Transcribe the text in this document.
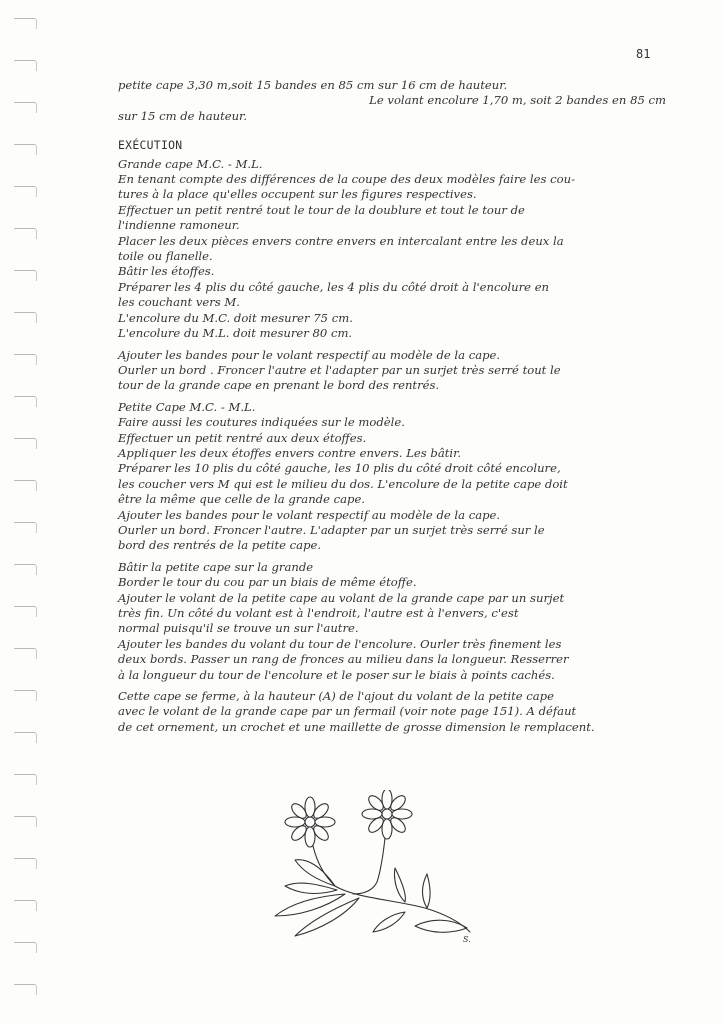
81
petite cape 3,30 m,soit 15 bandes en 85 cm sur 16 cm de hauteur.
Le volant encolure 1,70 m, soit 2 bandes en 85 cm
sur 15 cm de hauteur.
EXÉCUTION
Grande cape M.C. - M.L.
En tenant compte des différences de la coupe des deux modèles faire les cou-
tures à la place qu'elles occupent sur les figures respectives.
Effectuer un petit rentré tout le tour de la doublure et tout le tour de
l'indienne ramoneur.
Placer les deux pièces envers contre envers en intercalant entre les deux la
toile ou flanelle.
Bâtir les étoffes.
Préparer les 4 plis du côté gauche, les 4 plis du côté droit à l'encolure en
les couchant vers M.
L'encolure du M.C. doit mesurer 75 cm.
L'encolure du M.L. doit mesurer 80 cm.
Ajouter les bandes pour le volant respectif au modèle de la cape.
Ourler un bord . Froncer l'autre et l'adapter par un surjet très serré tout le
tour de la grande cape en prenant le bord des rentrés.
Petite Cape M.C. - M.L.
Faire aussi les coutures indiquées sur le modèle.
Effectuer un petit rentré aux deux étoffes.
Appliquer les deux étoffes envers contre envers. Les bâtir.
Préparer les 10 plis du côté gauche, les 10 plis du côté droit côté encolure,
les coucher vers M qui est le milieu du dos. L'encolure de la petite cape doit
être la même que celle de la grande cape.
Ajouter les bandes pour le volant respectif au modèle de la cape.
Ourler un bord. Froncer l'autre. L'adapter par un surjet très serré sur le
bord des rentrés de la petite cape.
Bâtir la petite cape sur la grande
Border le tour du cou par un biais de même étoffe.
Ajouter le volant de la petite cape au volant de la grande cape par un surjet
très fin. Un côté du volant est à l'endroit, l'autre est à l'envers, c'est
normal puisqu'il se trouve un sur l'autre.
Ajouter les bandes du volant du tour de l'encolure. Ourler très finement les
deux bords. Passer un rang de fronces au milieu dans la longueur. Resserrer
à la longueur du tour de l'encolure et le poser sur le biais à points cachés.
Cette cape se ferme, à la hauteur (A) de l'ajout du volant de la petite cape
avec le volant de la grande cape par un fermail (voir note page 151). A défaut
de cet ornement, un crochet et une maillette de grosse dimension le remplacent.
S.
